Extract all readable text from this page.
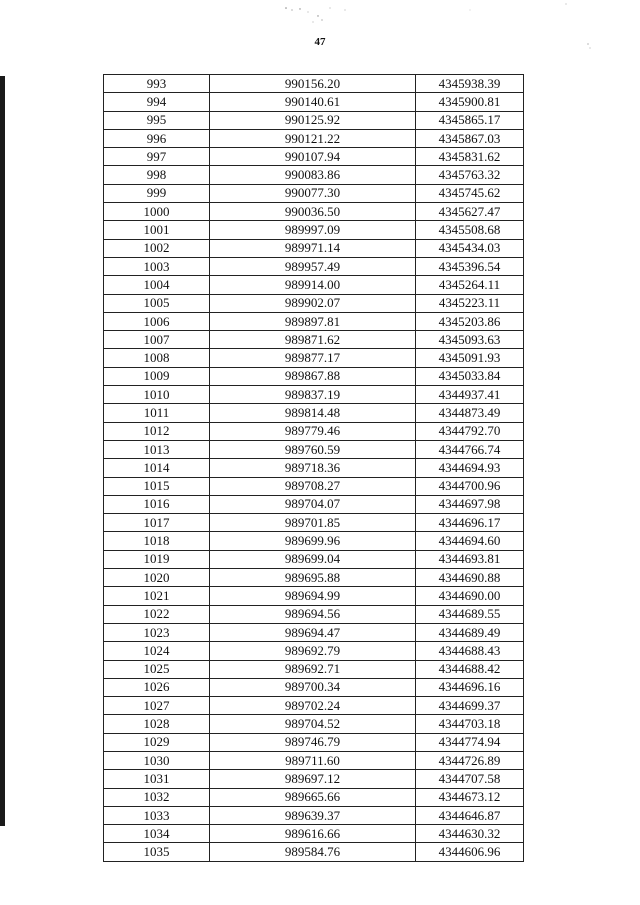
47
993	990156.20	4345938.39
994	990140.61	4345900.81
995	990125.92	4345865.17
996	990121.22	4345867.03
997	990107.94	4345831.62
998	990083.86	4345763.32
999	990077.30	4345745.62
1000	990036.50	4345627.47
1001	989997.09	4345508.68
1002	989971.14	4345434.03
1003	989957.49	4345396.54
1004	989914.00	4345264.11
1005	989902.07	4345223.11
1006	989897.81	4345203.86
1007	989871.62	4345093.63
1008	989877.17	4345091.93
1009	989867.88	4345033.84
1010	989837.19	4344937.41
1011	989814.48	4344873.49
1012	989779.46	4344792.70
1013	989760.59	4344766.74
1014	989718.36	4344694.93
1015	989708.27	4344700.96
1016	989704.07	4344697.98
1017	989701.85	4344696.17
1018	989699.96	4344694.60
1019	989699.04	4344693.81
1020	989695.88	4344690.88
1021	989694.99	4344690.00
1022	989694.56	4344689.55
1023	989694.47	4344689.49
1024	989692.79	4344688.43
1025	989692.71	4344688.42
1026	989700.34	4344696.16
1027	989702.24	4344699.37
1028	989704.52	4344703.18
1029	989746.79	4344774.94
1030	989711.60	4344726.89
1031	989697.12	4344707.58
1032	989665.66	4344673.12
1033	989639.37	4344646.87
1034	989616.66	4344630.32
1035	989584.76	4344606.96
